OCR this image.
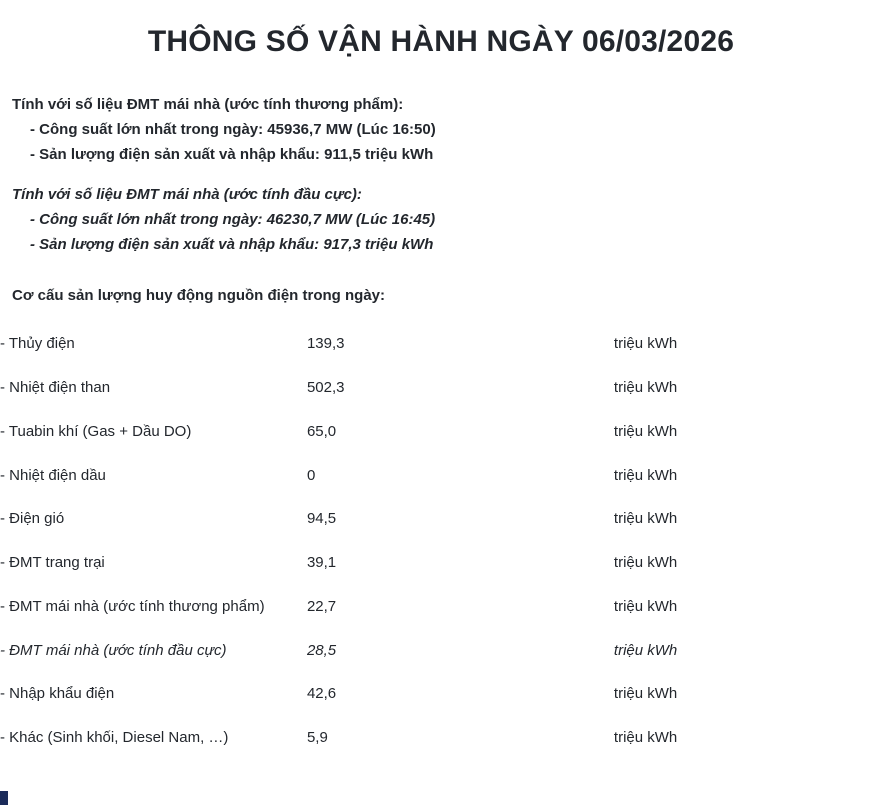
THÔNG SỐ VẬN HÀNH NGÀY 06/03/2026
Tính với số liệu ĐMT mái nhà (ước tính thương phẩm):
- Công suất lớn nhất trong ngày: 45936,7 MW (Lúc 16:50)
- Sản lượng điện sản xuất và nhập khẩu: 911,5 triệu kWh
Tính với số liệu ĐMT mái nhà (ước tính đầu cực):
- Công suất lớn nhất trong ngày: 46230,7 MW (Lúc 16:45)
- Sản lượng điện sản xuất và nhập khẩu: 917,3 triệu kWh
Cơ cấu sản lượng huy động nguồn điện trong ngày:
- Thủy điện	139,3	triệu kWh
- Nhiệt điện than	502,3	triệu kWh
- Tuabin khí (Gas + Dầu DO)	65,0	triệu kWh
- Nhiệt điện dầu	0	triệu kWh
- Điện gió	94,5	triệu kWh
- ĐMT trang trại	39,1	triệu kWh
- ĐMT mái nhà (ước tính thương phẩm)	22,7	triệu kWh
- ĐMT mái nhà (ước tính đầu cực)	28,5	triệu kWh
- Nhập khẩu điện	42,6	triệu kWh
- Khác (Sinh khối, Diesel Nam, …)	5,9	triệu kWh
